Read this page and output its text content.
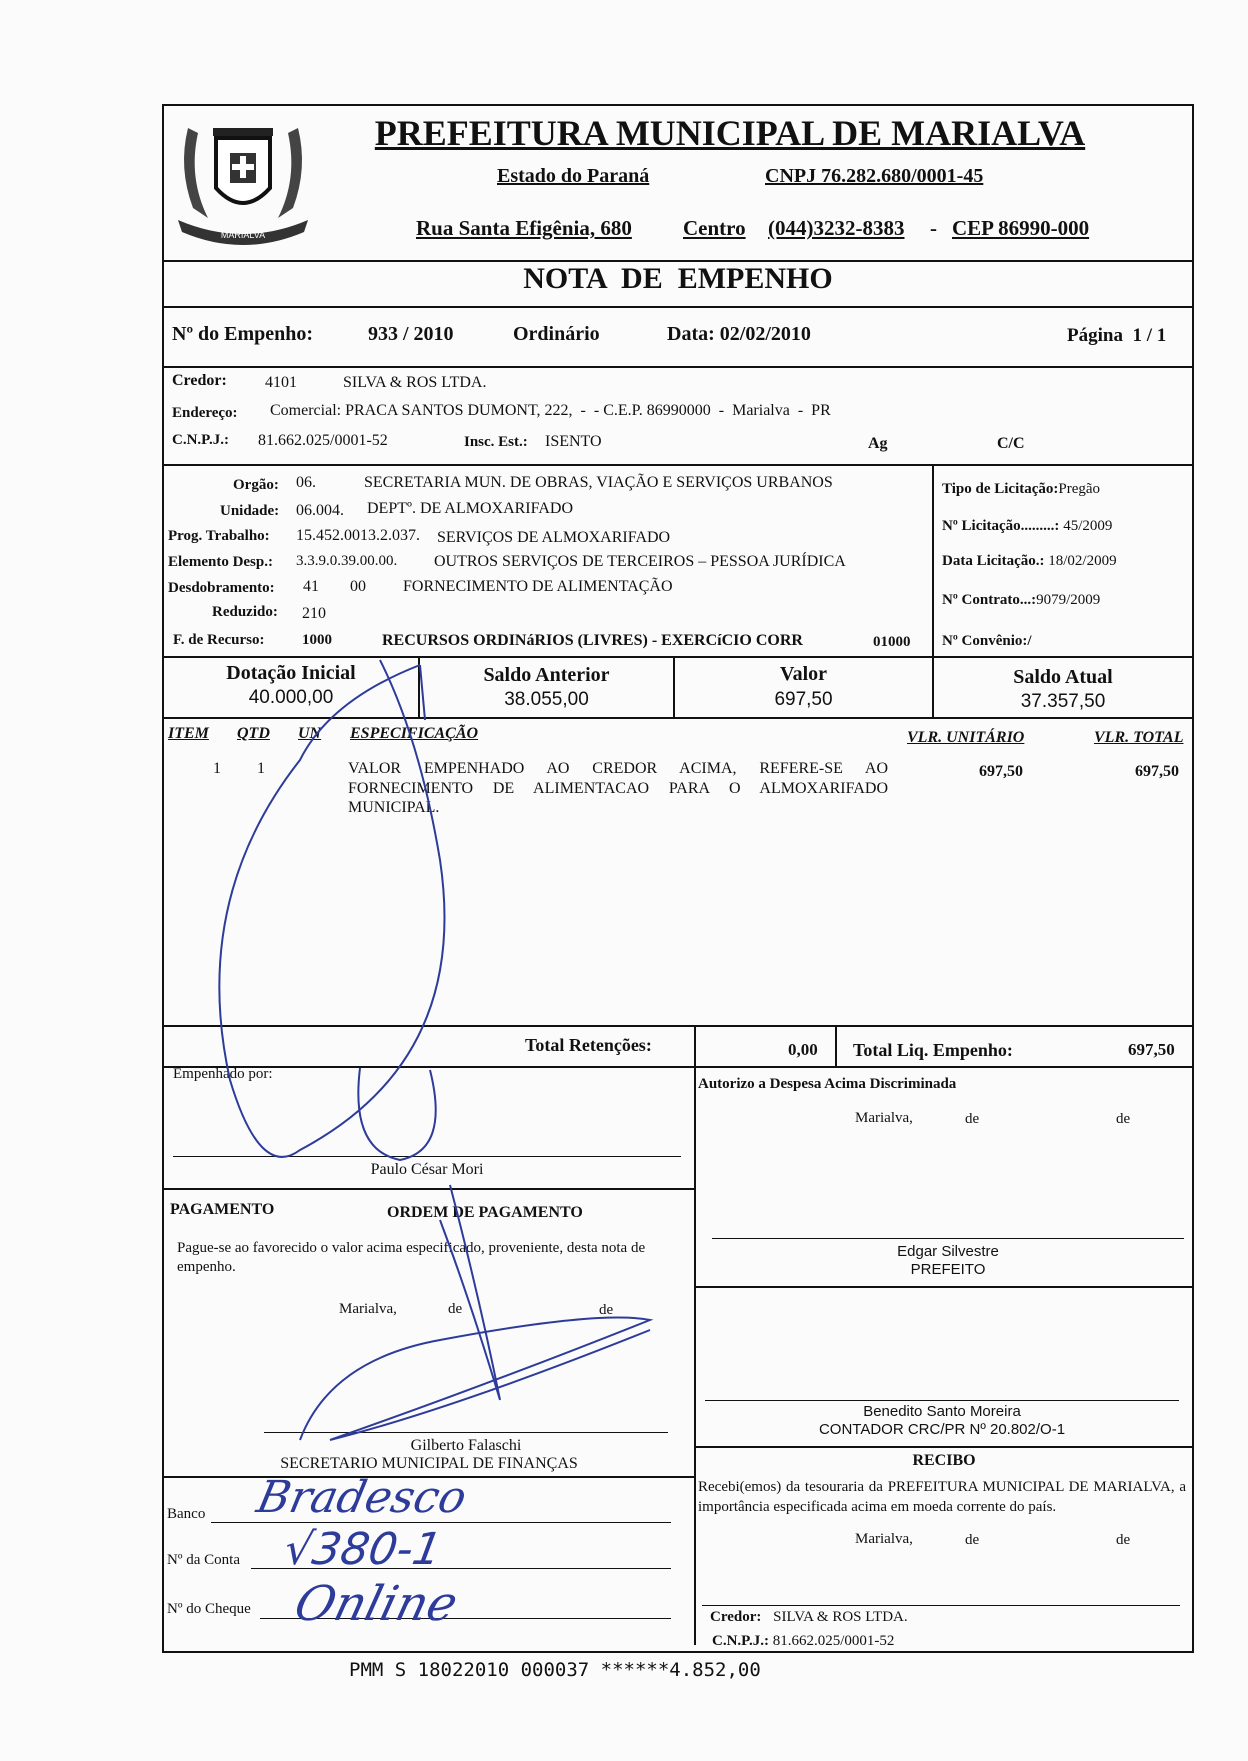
MARIALVA
PREFEITURA MUNICIPAL DE MARIALVA
Estado do Paraná	CNPJ 76.282.680/0001-45
Rua Santa Efigênia, 680 Centro (044)3232-8383 - CEP 86990-000
NOTA  DE  EMPENHO
Nº do Empenho:	933 / 2010	Ordinário	Data: 02/02/2010	Página  1 / 1
Credor: 4101	SILVA & ROS LTDA.
Endereço: Comercial: PRACA SANTOS DUMONT, 222,  -  - C.E.P. 86990000  -  Marialva  -  PR
C.N.P.J.: 81.662.025/0001-52	Insc. Est.: ISENTO	Ag	C/C
Orgão: 06.	SECRETARIA MUN. DE OBRAS, VIAÇÃO E SERVIÇOS URBANOS
Unidade: 06.004. DEPTº. DE ALMOXARIFADO
Prog. Trabalho: 15.452.0013.2.037. SERVIÇOS DE ALMOXARIFADO
Elemento Desp.: 3.3.9.0.39.00.00. OUTROS SERVIÇOS DE TERCEIROS – PESSOA JURÍDICA
Desdobramento: 41 00 FORNECIMENTO DE ALIMENTAÇÃO
Reduzido: 210
F. de Recurso: 1000	RECURSOS ORDINáRIOS (LIVRES) - EXERCíCIO CORR	01000
Tipo de Licitação:Pregão
Nº Licitação.........: 45/2009
Data Licitação.: 18/02/2009
Nº Contrato...:9079/2009
Nº Convênio:/
Dotação Inicial
40.000,00
Saldo Anterior
38.055,00
Valor
697,50
Saldo Atual
37.357,50
ITEM QTD UN ESPECIFICAÇÃO	VLR. UNITÁRIO	VLR. TOTAL
1 1	VALOR EMPENHADO AO CREDOR ACIMA, REFERE-SE AO
FORNECIMENTO DE ALIMENTACAO PARA O ALMOXARIFADO
MUNICIPAL.
697,50	697,50
Total Retenções:	0,00 Total Liq. Empenho:	697,50
Empenhado por:
Paulo César Mori
PAGAMENTO	ORDEM DE PAGAMENTO
Pague-se ao favorecido o valor acima especificado, proveniente, desta nota de empenho.
Marialva,	de	de
Gilberto Falaschi
SECRETARIO MUNICIPAL DE FINANÇAS
Banco
Nº da Conta
Nº do Cheque
Bradesco
√380-1
Online
Autorizo a Despesa Acima Discriminada
Marialva,	de	de
Edgar Silvestre
PREFEITO
Benedito Santo Moreira
CONTADOR CRC/PR Nº 20.802/O-1
RECIBO
Recebi(emos) da tesouraria da PREFEITURA MUNICIPAL DE MARIALVA, a importância especificada acima em moeda corrente do país.
Marialva,	de	de
Credor: SILVA & ROS LTDA.
C.N.P.J.: 81.662.025/0001-52
PMM S 18022010 000037 ******4.852,00
